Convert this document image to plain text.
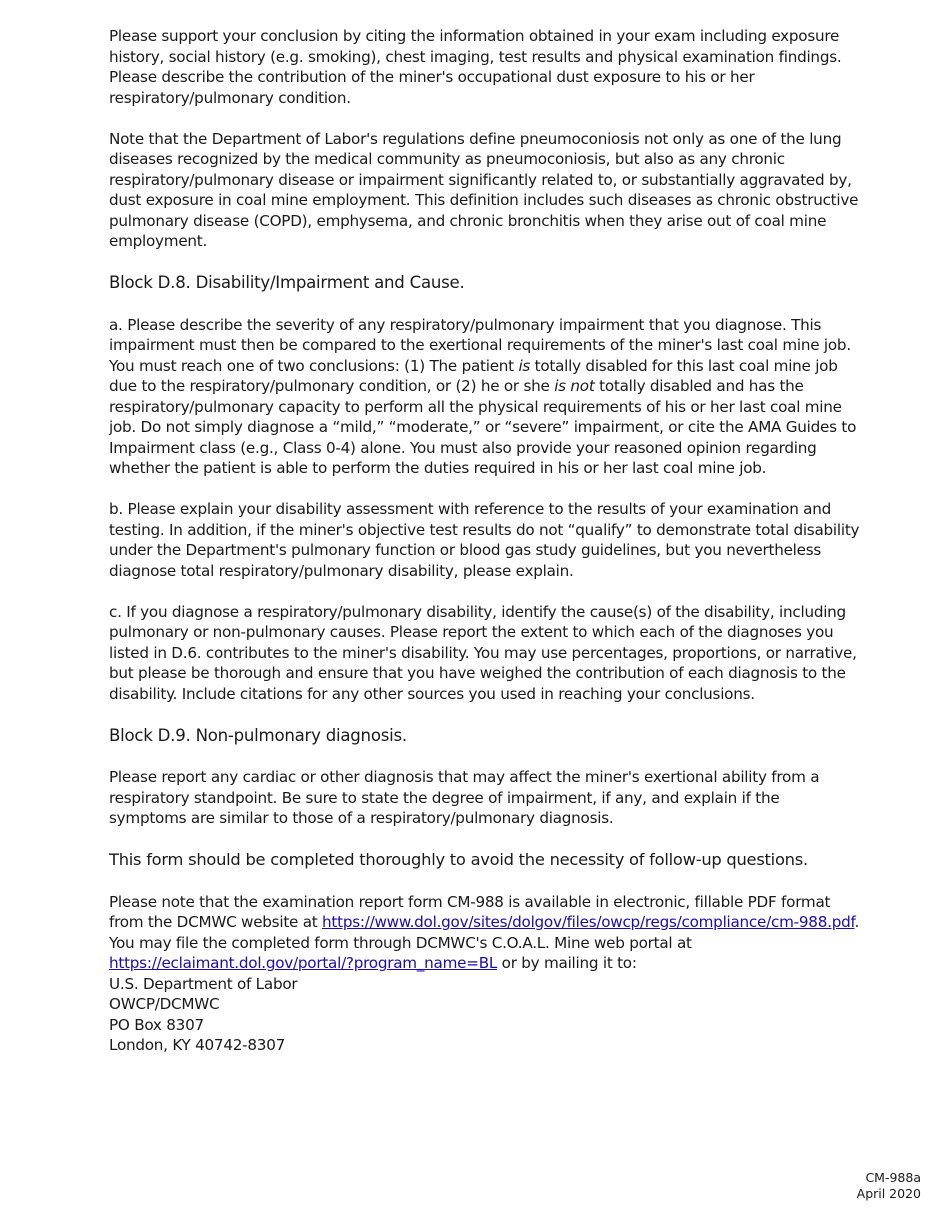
Please support your conclusion by citing the information obtained in your exam including exposure history, social history (e.g. smoking), chest imaging, test results and physical examination findings. Please describe the contribution of the miner's occupational dust exposure to his or her respiratory/pulmonary condition.

Note that the Department of Labor's regulations define pneumoconiosis not only as one of the lung diseases recognized by the medical community as pneumoconiosis, but also as any chronic respiratory/pulmonary disease or impairment significantly related to, or substantially aggravated by, dust exposure in coal mine employment. This definition includes such diseases as chronic obstructive pulmonary disease (COPD), emphysema, and chronic bronchitis when they arise out of coal mine employment.

Block D.8. Disability/Impairment and Cause.

a. Please describe the severity of any respiratory/pulmonary impairment that you diagnose. This impairment must then be compared to the exertional requirements of the miner's last coal mine job. You must reach one of two conclusions: (1) The patient is totally disabled for this last coal mine job due to the respiratory/pulmonary condition, or (2) he or she is not totally disabled and has the respiratory/pulmonary capacity to perform all the physical requirements of his or her last coal mine job. Do not simply diagnose a “mild,” “moderate,” or “severe” impairment, or cite the AMA Guides to Impairment class (e.g., Class 0-4) alone. You must also provide your reasoned opinion regarding whether the patient is able to perform the duties required in his or her last coal mine job.

b. Please explain your disability assessment with reference to the results of your examination and testing. In addition, if the miner's objective test results do not “qualify” to demonstrate total disability under the Department's pulmonary function or blood gas study guidelines, but you nevertheless diagnose total respiratory/pulmonary disability, please explain.

c. If you diagnose a respiratory/pulmonary disability, identify the cause(s) of the disability, including pulmonary or non-pulmonary causes. Please report the extent to which each of the diagnoses you listed in D.6. contributes to the miner's disability. You may use percentages, proportions, or narrative, but please be thorough and ensure that you have weighed the contribution of each diagnosis to the disability. Include citations for any other sources you used in reaching your conclusions.

Block D.9. Non-pulmonary diagnosis.

Please report any cardiac or other diagnosis that may affect the miner's exertional ability from a respiratory standpoint. Be sure to state the degree of impairment, if any, and explain if the symptoms are similar to those of a respiratory/pulmonary diagnosis.

This form should be completed thoroughly to avoid the necessity of follow-up questions.

Please note that the examination report form CM-988 is available in electronic, fillable PDF format from the DCMWC website at https://www.dol.gov/sites/dolgov/files/owcp/regs/compliance/cm-988.pdf. You may file the completed form through DCMWC's C.O.A.L. Mine web portal at https://eclaimant.dol.gov/portal/?program_name=BL or by mailing it to:

U.S. Department of Labor

OWCP/DCMWC

PO Box 8307

London, KY 40742-8307

CM-988a
April 2020
